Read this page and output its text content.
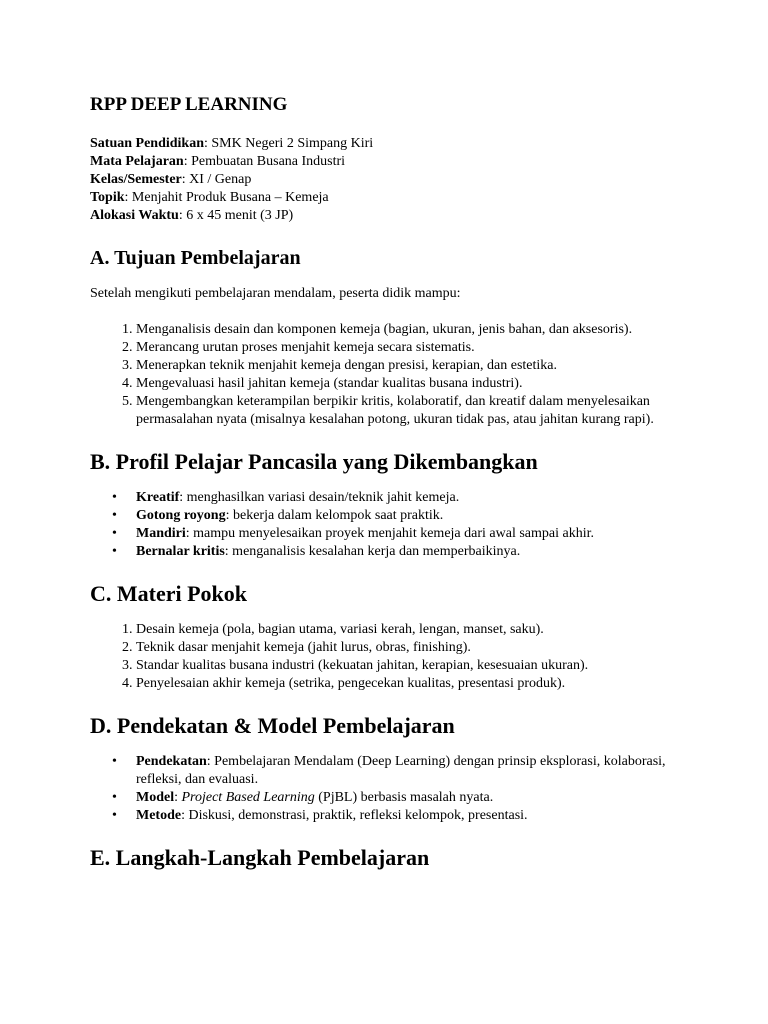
RPP DEEP LEARNING
Satuan Pendidikan: SMK Negeri 2 Simpang Kiri
Mata Pelajaran: Pembuatan Busana Industri
Kelas/Semester: XI / Genap
Topik: Menjahit Produk Busana – Kemeja
Alokasi Waktu: 6 x 45 menit (3 JP)
A. Tujuan Pembelajaran
Setelah mengikuti pembelajaran mendalam, peserta didik mampu:
1. Menganalisis desain dan komponen kemeja (bagian, ukuran, jenis bahan, dan aksesoris).
2. Merancang urutan proses menjahit kemeja secara sistematis.
3. Menerapkan teknik menjahit kemeja dengan presisi, kerapian, dan estetika.
4. Mengevaluasi hasil jahitan kemeja (standar kualitas busana industri).
5. Mengembangkan keterampilan berpikir kritis, kolaboratif, dan kreatif dalam menyelesaikan permasalahan nyata (misalnya kesalahan potong, ukuran tidak pas, atau jahitan kurang rapi).
B. Profil Pelajar Pancasila yang Dikembangkan
• Kreatif: menghasilkan variasi desain/teknik jahit kemeja.
• Gotong royong: bekerja dalam kelompok saat praktik.
• Mandiri: mampu menyelesaikan proyek menjahit kemeja dari awal sampai akhir.
• Bernalar kritis: menganalisis kesalahan kerja dan memperbaikinya.
C. Materi Pokok
1. Desain kemeja (pola, bagian utama, variasi kerah, lengan, manset, saku).
2. Teknik dasar menjahit kemeja (jahit lurus, obras, finishing).
3. Standar kualitas busana industri (kekuatan jahitan, kerapian, kesesuaian ukuran).
4. Penyelesaian akhir kemeja (setrika, pengecekan kualitas, presentasi produk).
D. Pendekatan & Model Pembelajaran
• Pendekatan: Pembelajaran Mendalam (Deep Learning) dengan prinsip eksplorasi, kolaborasi, refleksi, dan evaluasi.
• Model: Project Based Learning (PjBL) berbasis masalah nyata.
• Metode: Diskusi, demonstrasi, praktik, refleksi kelompok, presentasi.
E. Langkah-Langkah Pembelajaran
